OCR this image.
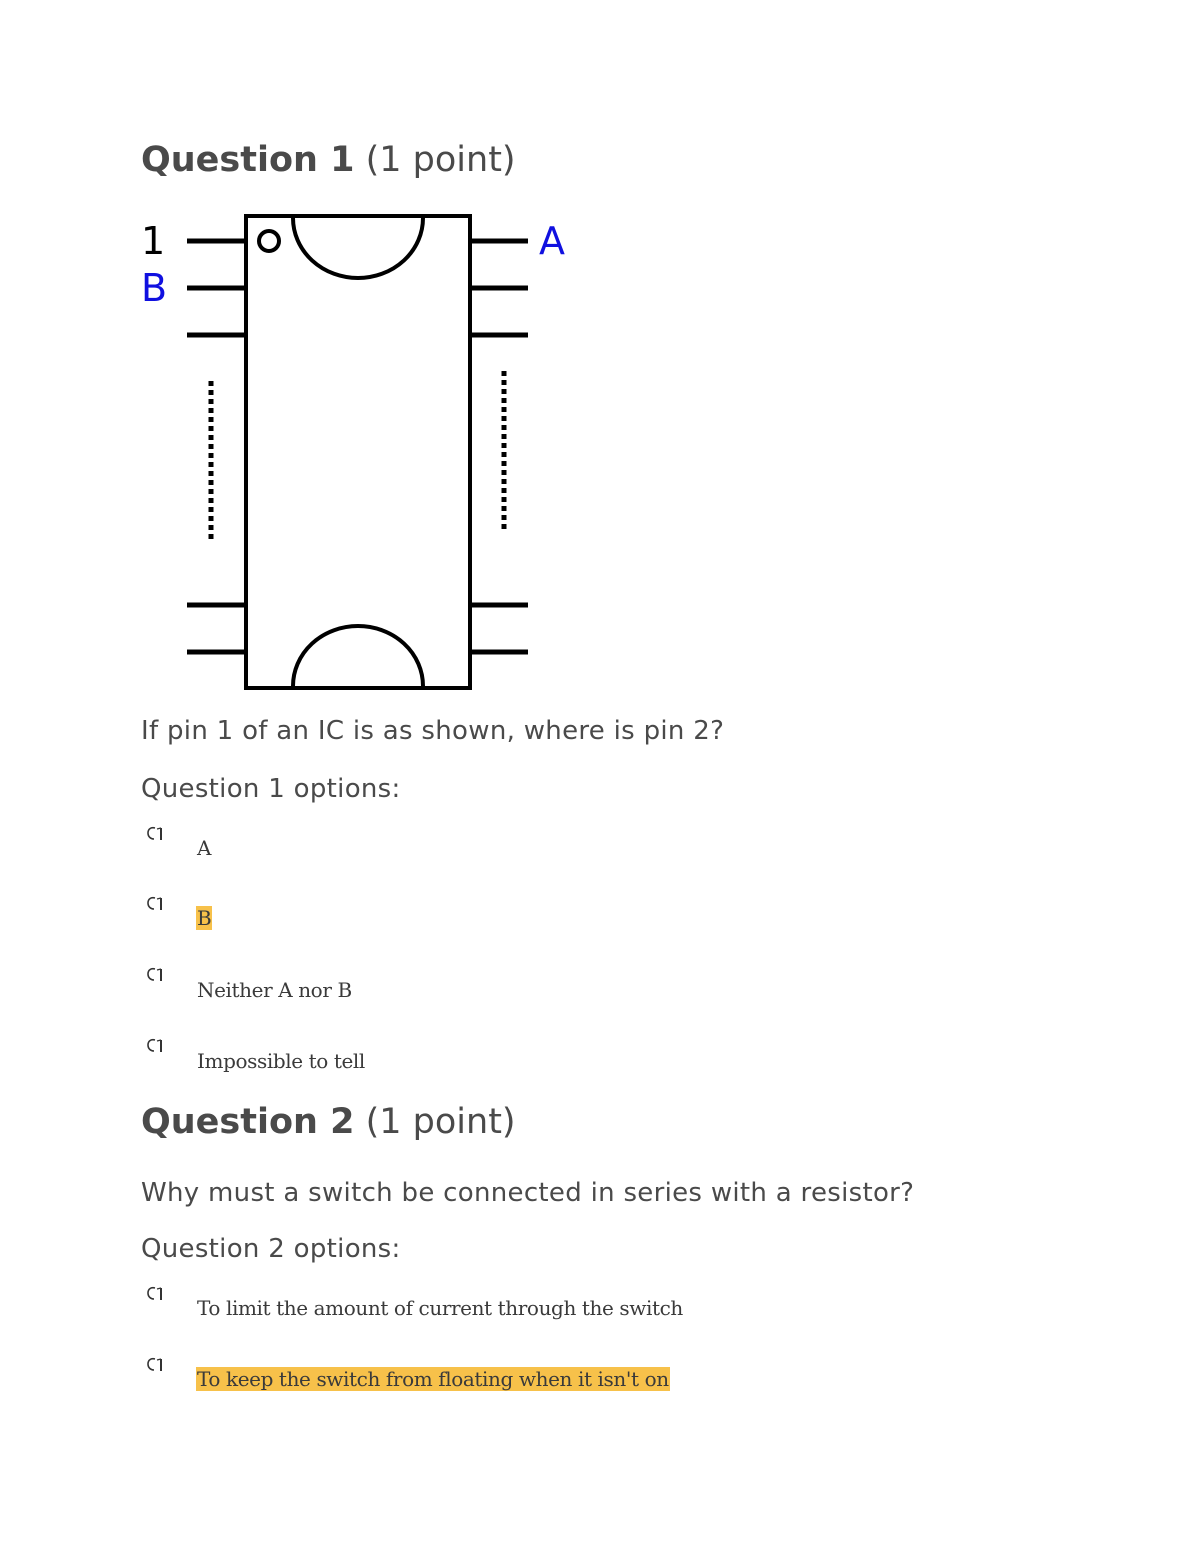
Question 1 (1 point)
1
B
A
If pin 1 of an IC is as shown, where is pin 2?
Question 1 options:
A
B
Neither A nor B
Impossible to tell
Question 2 (1 point)
Why must a switch be connected in series with a resistor?
Question 2 options:
To limit the amount of current through the switch
To keep the switch from floating when it isn't on
